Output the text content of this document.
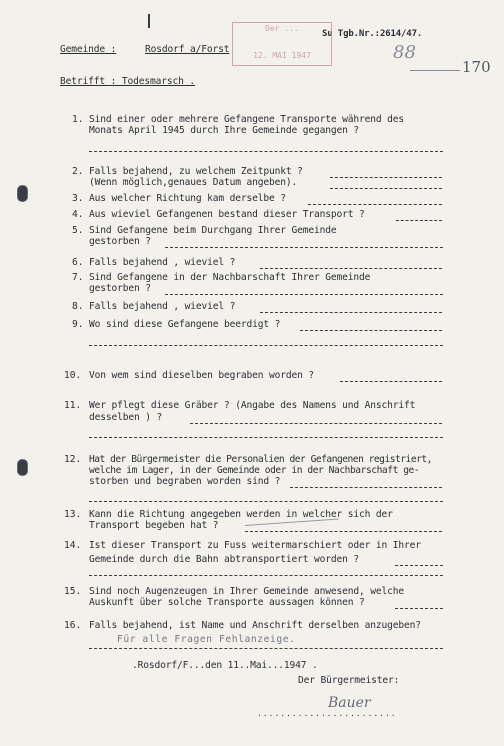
Su Tgb.Nr.:2614/47.
Gemeinde :	Rosdorf a/Forst
Der ...
12. MAI 1947	88
170
Betrifft : Todesmarsch .
1. Sind einer oder mehrere Gefangene Transporte während des
Monats April 1945 durch Ihre Gemeinde gegangen ?
2. Falls bejahend, zu welchem Zeitpunkt ?
(Wenn möglich,genaues Datum angeben).
3. Aus welcher Richtung kam derselbe ?
4. Aus wieviel Gefangenen bestand dieser Transport ?
5. Sind Gefangene beim Durchgang Ihrer Gemeinde
gestorben ?
6. Falls bejahend , wieviel ?
7. Sind Gefangene in der Nachbarschaft Ihrer Gemeinde
gestorben ?
8. Falls bejahend , wieviel ?
9. Wo sind diese Gefangene beerdigt ?
10. Von wem sind dieselben begraben worden ?
11. Wer pflegt diese Gräber ? (Angabe des Namens und Anschrift
desselben ) ?
12. Hat der Bürgermeister die Personalien der Gefangenen registriert,
welche im Lager, in der Gemeinde oder in der Nachbarschaft ge-
storben und begraben worden sind ?
13. Kann die Richtung angegeben werden in welcher sich der
Transport begeben hat ?
14. Ist dieser Transport zu Fuss weitermarschiert oder in Ihrer
Gemeinde durch die Bahn abtransportiert worden ?
15. Sind noch Augenzeugen in Ihrer Gemeinde anwesend, welche
Auskunft über solche Transporte aussagen können ?
16. Falls bejahend, ist Name und Anschrift derselben anzugeben?
Für alle Fragen Fehlanzeige.
.Rosdorf/F...den 11..Mai...1947 .
Der Bürgermeister:
........................
Bauer
